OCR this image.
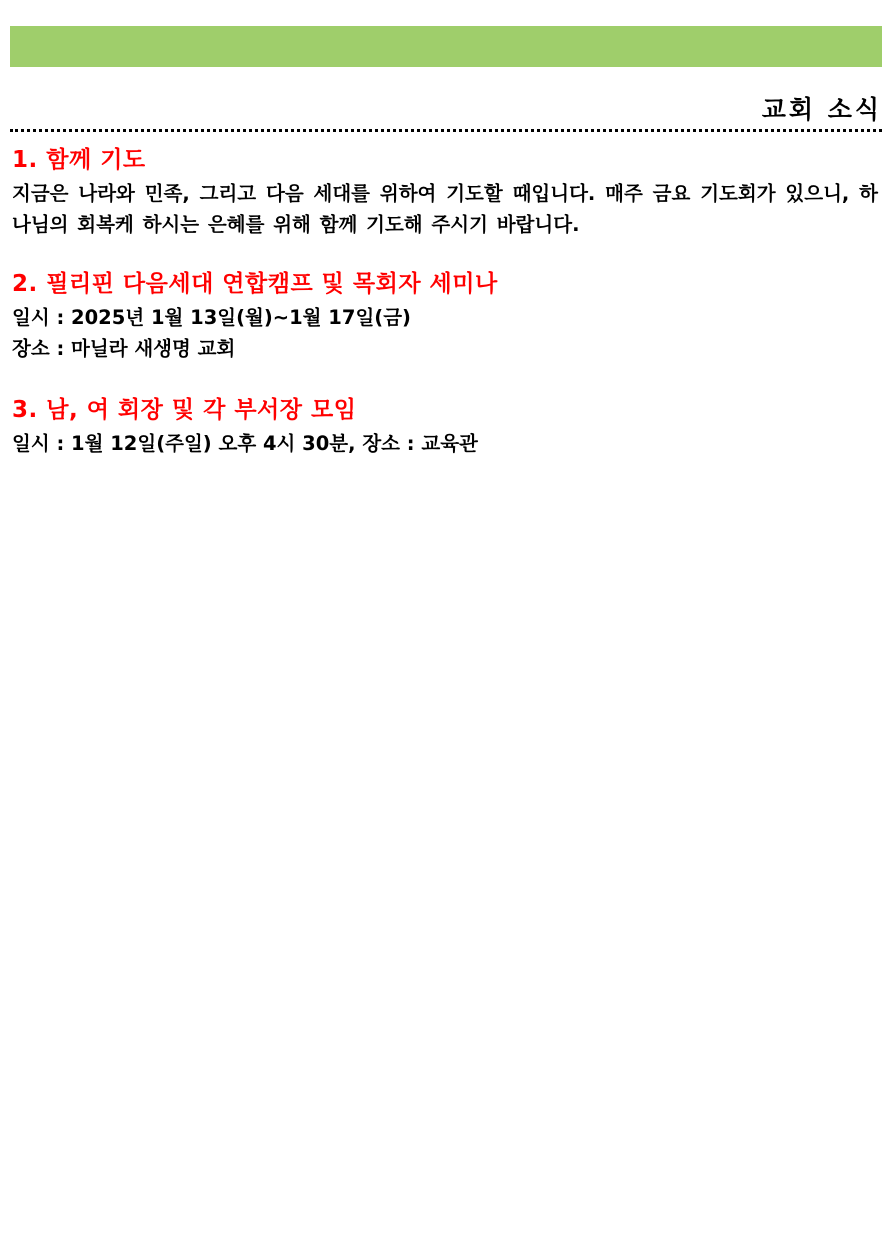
교회 소식

1. 함께 기도

지금은 나라와 민족, 그리고 다음 세대를 위하여 기도할 때입니다. 매주 금요 기도회가 있으니, 하나님의 회복케 하시는 은혜를 위해 함께 기도해 주시기 바랍니다.

2. 필리핀 다음세대 연합캠프 및 목회자 세미나

일시 : 2025년 1월 13일(월)~1월 17일(금)

장소 : 마닐라 새생명 교회

3. 남, 여 회장 및 각 부서장 모임

일시 : 1월 12일(주일) 오후 4시 30분, 장소 : 교육관
